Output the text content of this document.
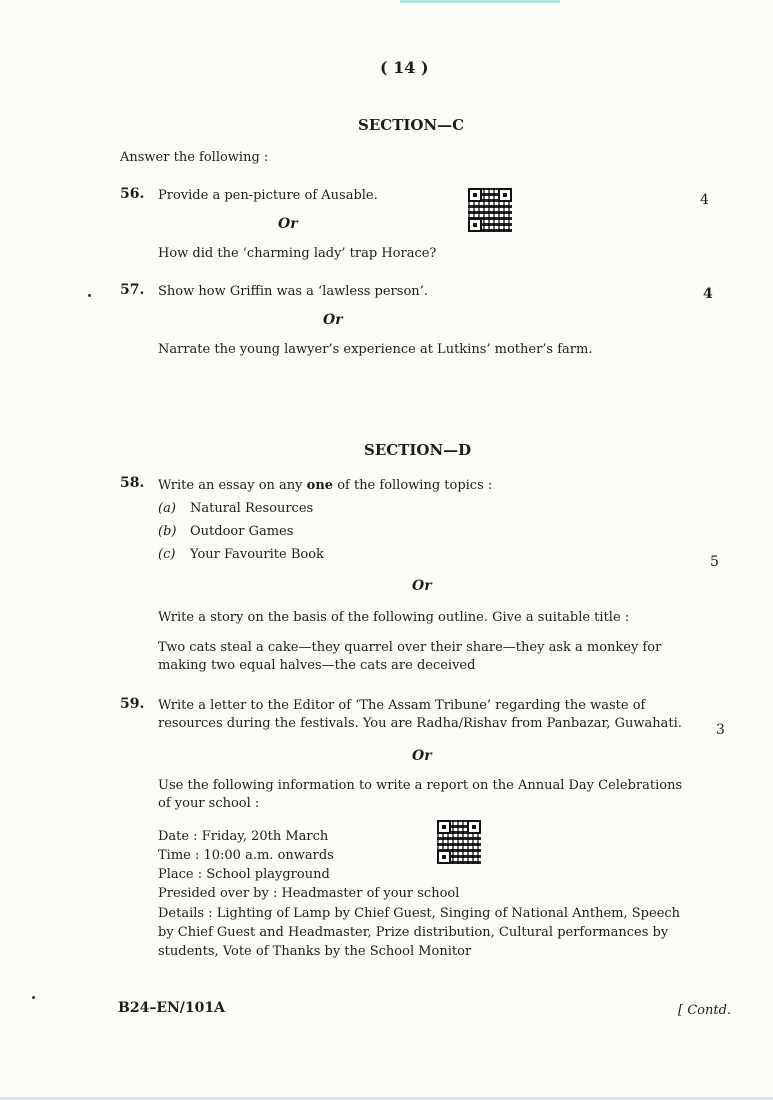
( 14 )
SECTION—C
Answer the following :
56. Provide a pen-picture of Ausable.	4
Or
How did the ‘charming lady’ trap Horace?
57. Show how Griffin was a ‘lawless person’.	4
Or
Narrate the young lawyer’s experience at Lutkins’ mother’s farm.
SECTION—D
58. Write an essay on any one of the following topics :
(a) Natural Resources
(b) Outdoor Games
(c) Your Favourite Book	5
Or
Write a story on the basis of the following outline. Give a suitable title :
Two cats steal a cake—they quarrel over their share—they ask a monkey for
making two equal halves—the cats are deceived
59. Write a letter to the Editor of ‘The Assam Tribune’ regarding the waste of
resources during the festivals. You are Radha/Rishav from Panbazar, Guwahati. 3
Or
Use the following information to write a report on the Annual Day Celebrations
of your school :
Date : Friday, 20th March
Time : 10:00 a.m. onwards
Place : School playground
Presided over by : Headmaster of your school
Details : Lighting of Lamp by Chief Guest, Singing of National Anthem, Speech
by Chief Guest and Headmaster, Prize distribution, Cultural performances by
students, Vote of Thanks by the School Monitor
B24–EN/101A	[ Contd.
